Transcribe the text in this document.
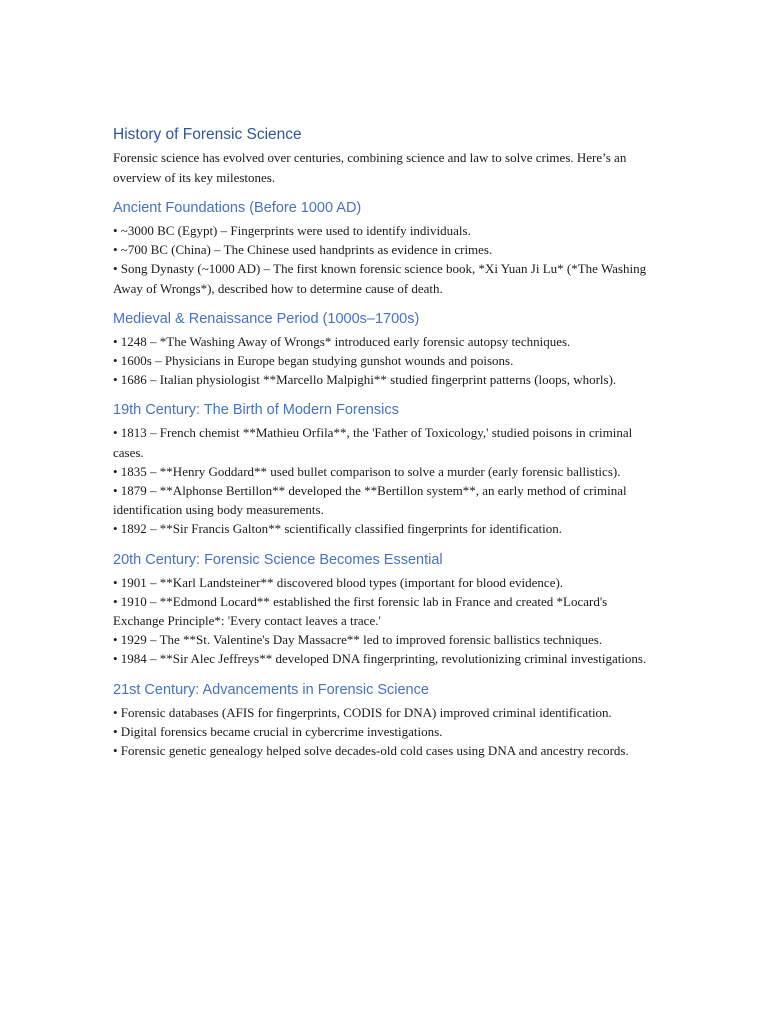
History of Forensic Science

Forensic science has evolved over centuries, combining science and law to solve crimes. Here’s an overview of its key milestones.

Ancient Foundations (Before 1000 AD)
• ~3000 BC (Egypt) – Fingerprints were used to identify individuals.
• ~700 BC (China) – The Chinese used handprints as evidence in crimes.
• Song Dynasty (~1000 AD) – The first known forensic science book, *Xi Yuan Ji Lu* (*The Washing Away of Wrongs*), described how to determine cause of death.
Medieval & Renaissance Period (1000s–1700s)
• 1248 – *The Washing Away of Wrongs* introduced early forensic autopsy techniques.
• 1600s – Physicians in Europe began studying gunshot wounds and poisons.
• 1686 – Italian physiologist **Marcello Malpighi** studied fingerprint patterns (loops, whorls).
19th Century: The Birth of Modern Forensics
• 1813 – French chemist **Mathieu Orfila**, the 'Father of Toxicology,' studied poisons in criminal cases.
• 1835 – **Henry Goddard** used bullet comparison to solve a murder (early forensic ballistics).
• 1879 – **Alphonse Bertillon** developed the **Bertillon system**, an early method of criminal identification using body measurements.
• 1892 – **Sir Francis Galton** scientifically classified fingerprints for identification.
20th Century: Forensic Science Becomes Essential
• 1901 – **Karl Landsteiner** discovered blood types (important for blood evidence).
• 1910 – **Edmond Locard** established the first forensic lab in France and created *Locard's Exchange Principle*: 'Every contact leaves a trace.'
• 1929 – The **St. Valentine's Day Massacre** led to improved forensic ballistics techniques.
• 1984 – **Sir Alec Jeffreys** developed DNA fingerprinting, revolutionizing criminal investigations.
21st Century: Advancements in Forensic Science
• Forensic databases (AFIS for fingerprints, CODIS for DNA) improved criminal identification.
• Digital forensics became crucial in cybercrime investigations.
• Forensic genetic genealogy helped solve decades-old cold cases using DNA and ancestry records.
